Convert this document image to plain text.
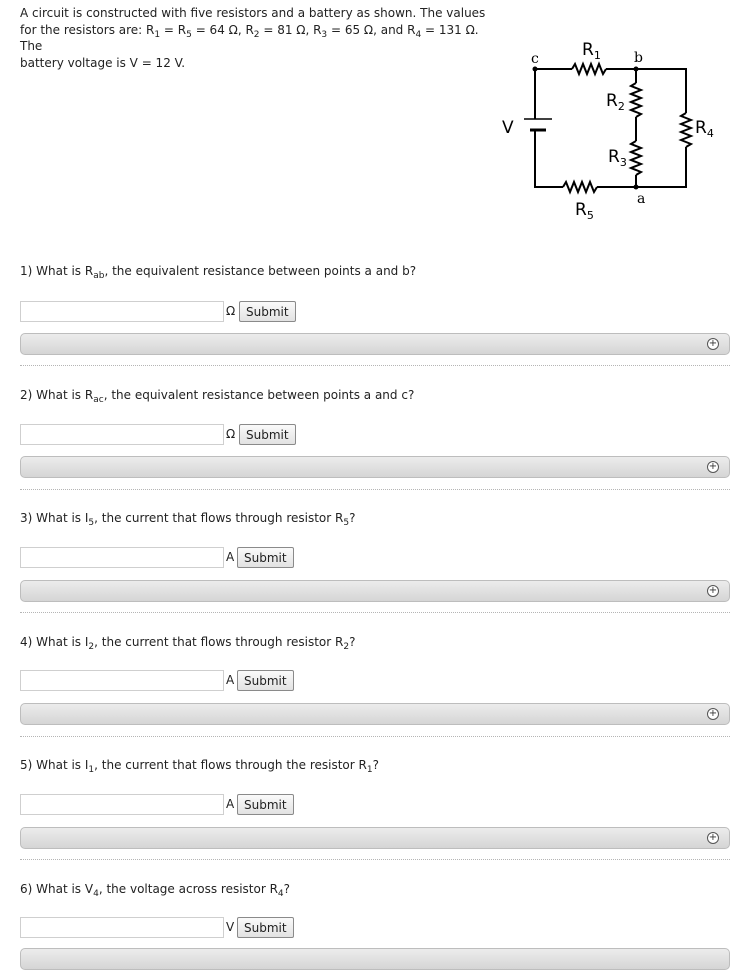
A circuit is constructed with five resistors and a battery as shown. The values
for the resistors are: $R_1 = R_5 = 64$ Ω, $R_2 = 81$ Ω, $R_3 = 65$ Ω, and $R_4 = 131$ Ω. The
battery voltage is V = 12 V.	c	b
a
V
$R_1$
$R_2$
$R_3$
$R_4$
$R_5$
1) What is $R_{ab}$, the equivalent resistance between points a and b?
Ω Submit
+
2) What is $R_{ac}$, the equivalent resistance between points a and c?
Ω Submit
+
3) What is $I_5$, the current that flows through resistor $R_5$?
A Submit
+
4) What is $I_2$, the current that flows through resistor $R_2$?
A Submit
+
5) What is $I_1$, the current that flows through the resistor $R_1$?
A Submit
+
6) What is $V_4$, the voltage across resistor $R_4$?
V Submit
